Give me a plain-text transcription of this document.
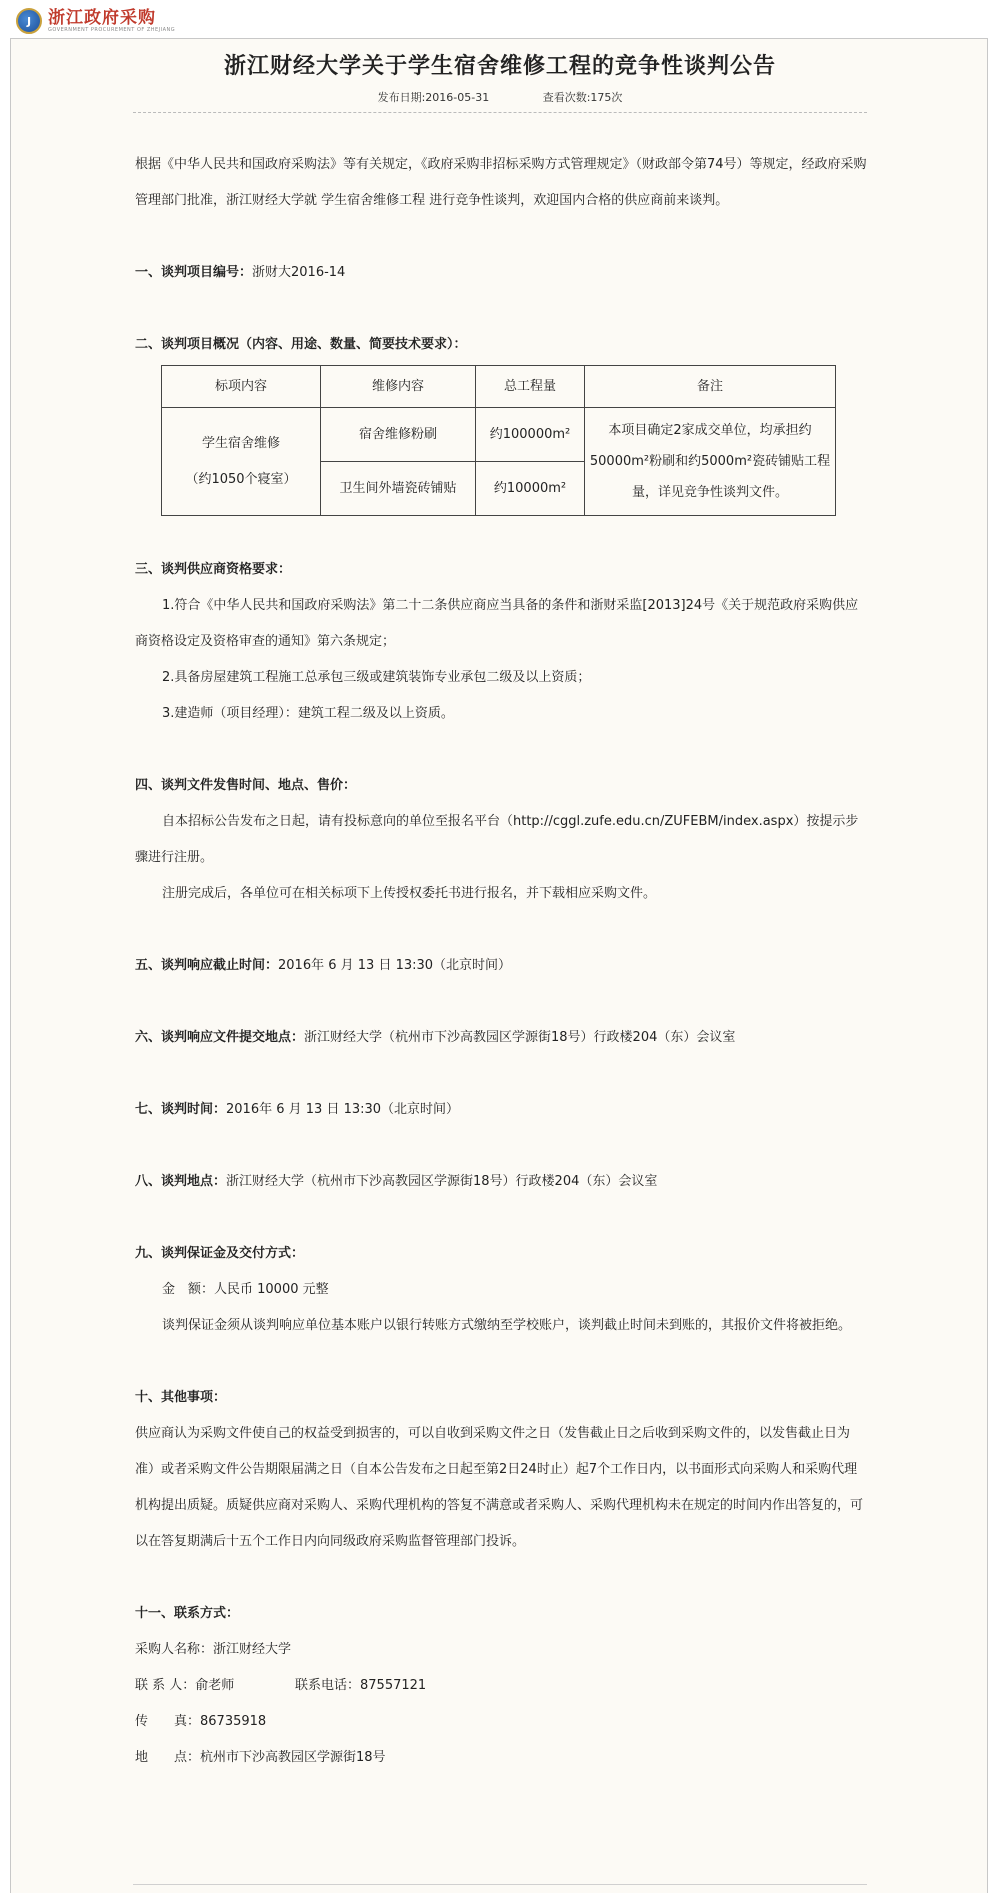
J 浙江政府采购
GOVERNMENT PROCUREMENT OF ZHEJIANG
浙江财经大学关于学生宿舍维修工程的竞争性谈判公告
发布日期:2016-05-31	查看次数:175次

根据《中华人民共和国政府采购法》等有关规定，《政府采购非招标采购方式管理规定》（财政部令第74号）等规定，经政府采购管理部门批准，浙江财经大学就 学生宿舍维修工程 进行竞争性谈判，欢迎国内合格的供应商前来谈判。

一、谈判项目编号：浙财大2016-14

二、谈判项目概况（内容、用途、数量、简要技术要求）：

标项内容	维修内容	总工程量	备注

学生宿舍维修
（约1050个寝室）	宿舍维修粉刷	约100000m²	本项目确定2家成交单位，均承担约50000m²粉刷和约5000m²瓷砖铺贴工程量，详见竞争性谈判文件。
	卫生间外墙瓷砖铺贴	约10000m²	

三、谈判供应商资格要求：

1.符合《中华人民共和国政府采购法》第二十二条供应商应当具备的条件和浙财采监[2013]24号《关于规范政府采购供应商资格设定及资格审查的通知》第六条规定；

2.具备房屋建筑工程施工总承包三级或建筑装饰专业承包二级及以上资质；

3.建造师（项目经理）：建筑工程二级及以上资质。

四、谈判文件发售时间、地点、售价：

自本招标公告发布之日起，请有投标意向的单位至报名平台（http://cggl.zufe.edu.cn/ZUFEBM/index.aspx）按提示步骤进行注册。

注册完成后，各单位可在相关标项下上传授权委托书进行报名，并下载相应采购文件。

五、谈判响应截止时间：2016年 6 月 13 日 13:30（北京时间）

六、谈判响应文件提交地点：浙江财经大学（杭州市下沙高教园区学源街18号）行政楼204（东）会议室

七、谈判时间：2016年 6 月 13 日 13:30（北京时间）

八、谈判地点：浙江财经大学（杭州市下沙高教园区学源街18号）行政楼204（东）会议室

九、谈判保证金及交付方式：

金　额：人民币 10000 元整

谈判保证金须从谈判响应单位基本账户以银行转账方式缴纳至学校账户，谈判截止时间未到账的，其报价文件将被拒绝。

十、其他事项：

供应商认为采购文件使自己的权益受到损害的，可以自收到采购文件之日（发售截止日之后收到采购文件的，以发售截止日为准）或者采购文件公告期限届满之日（自本公告发布之日起至第2日24时止）起7个工作日内，以书面形式向采购人和采购代理机构提出质疑。质疑供应商对采购人、采购代理机构的答复不满意或者采购人、采购代理机构未在规定的时间内作出答复的，可以在答复期满后十五个工作日内向同级政府采购监督管理部门投诉。

十一、联系方式：

采购人名称：浙江财经大学

联 系 人：俞老师	联系电话：87557121

传　　真：86735918

地　　点：杭州市下沙高教园区学源街18号
